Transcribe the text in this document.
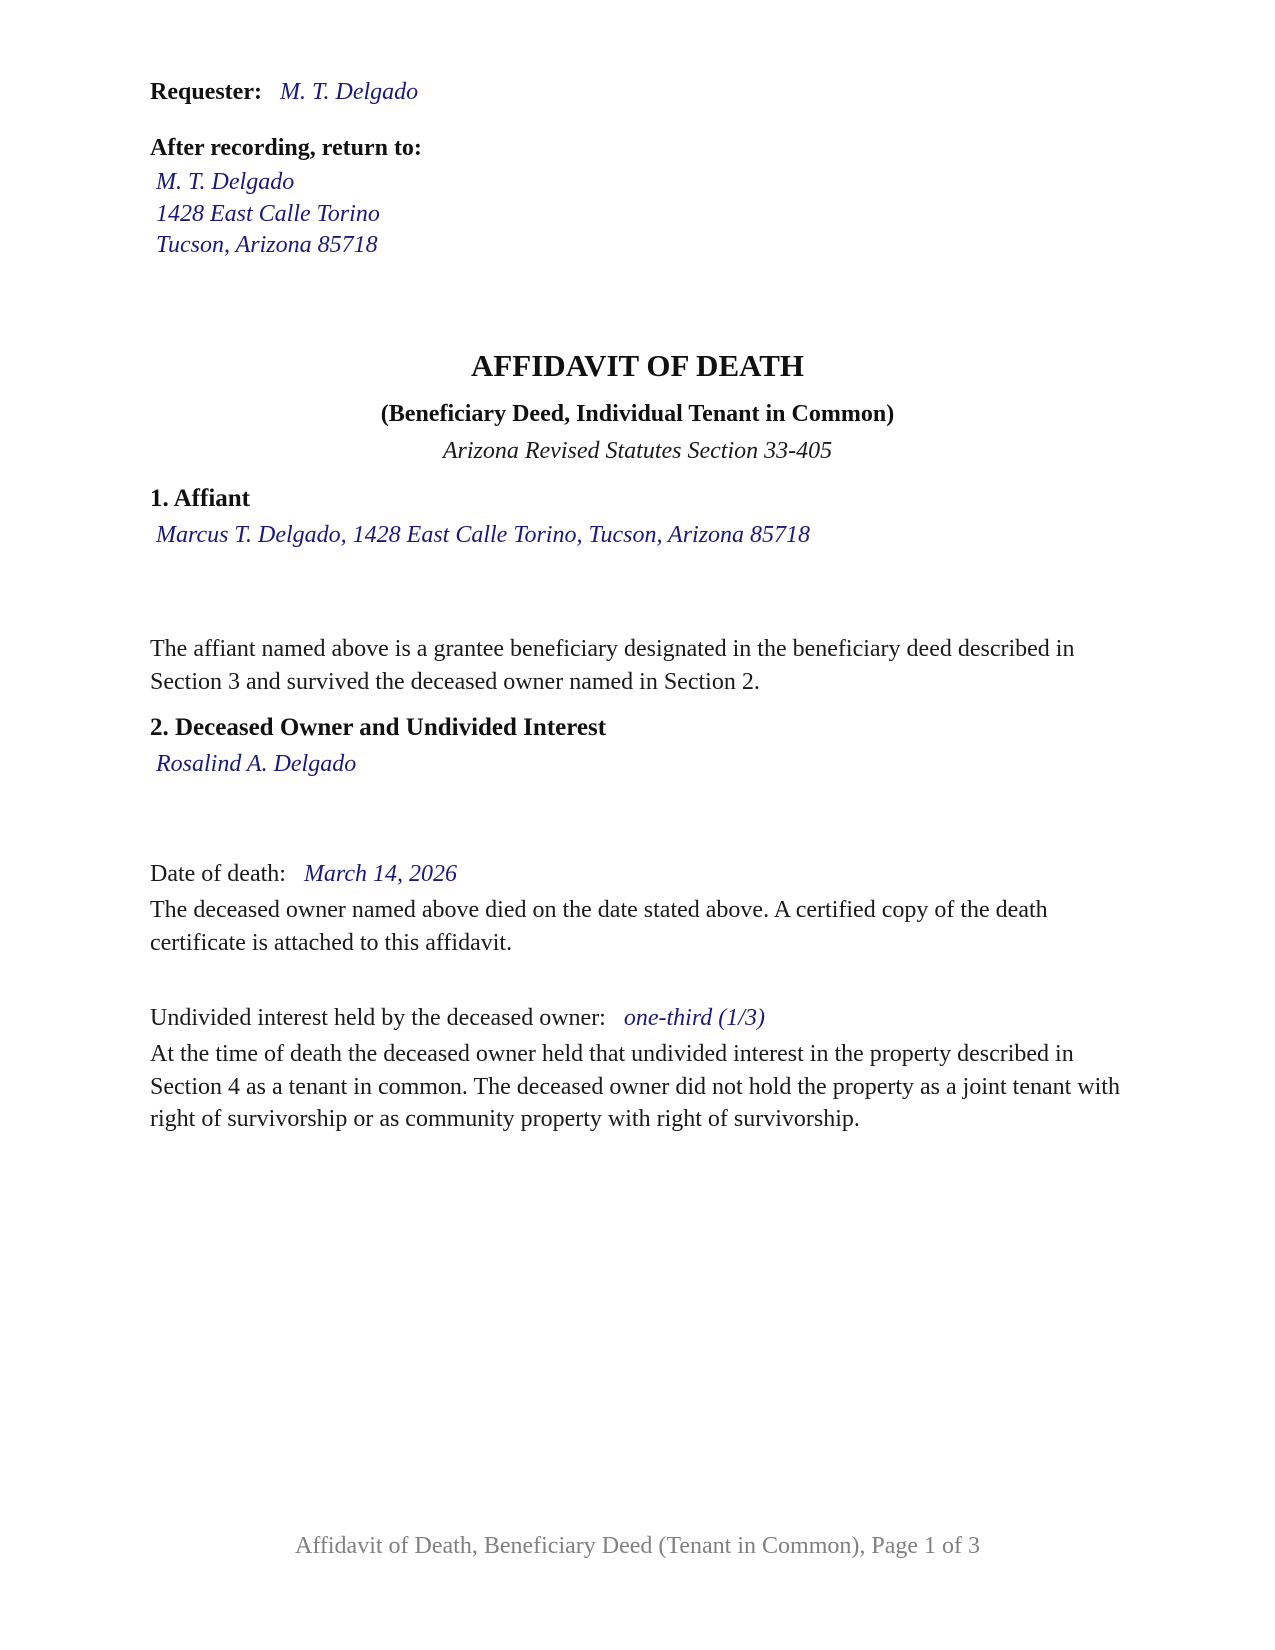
Requester: M. T. Delgado
After recording, return to:
M. T. Delgado
1428 East Calle Torino
Tucson, Arizona 85718
AFFIDAVIT OF DEATH
(Beneficiary Deed, Individual Tenant in Common)
Arizona Revised Statutes Section 33-405
1. Affiant
Marcus T. Delgado, 1428 East Calle Torino, Tucson, Arizona 85718
The affiant named above is a grantee beneficiary designated in the beneficiary deed described in Section 3 and survived the deceased owner named in Section 2.
2. Deceased Owner and Undivided Interest
Rosalind A. Delgado
Date of death: March 14, 2026
The deceased owner named above died on the date stated above. A certified copy of the death certificate is attached to this affidavit.
Undivided interest held by the deceased owner: one-third (1/3)
At the time of death the deceased owner held that undivided interest in the property described in Section 4 as a tenant in common. The deceased owner did not hold the property as a joint tenant with right of survivorship or as community property with right of survivorship.
Affidavit of Death, Beneficiary Deed (Tenant in Common), Page 1 of 3
